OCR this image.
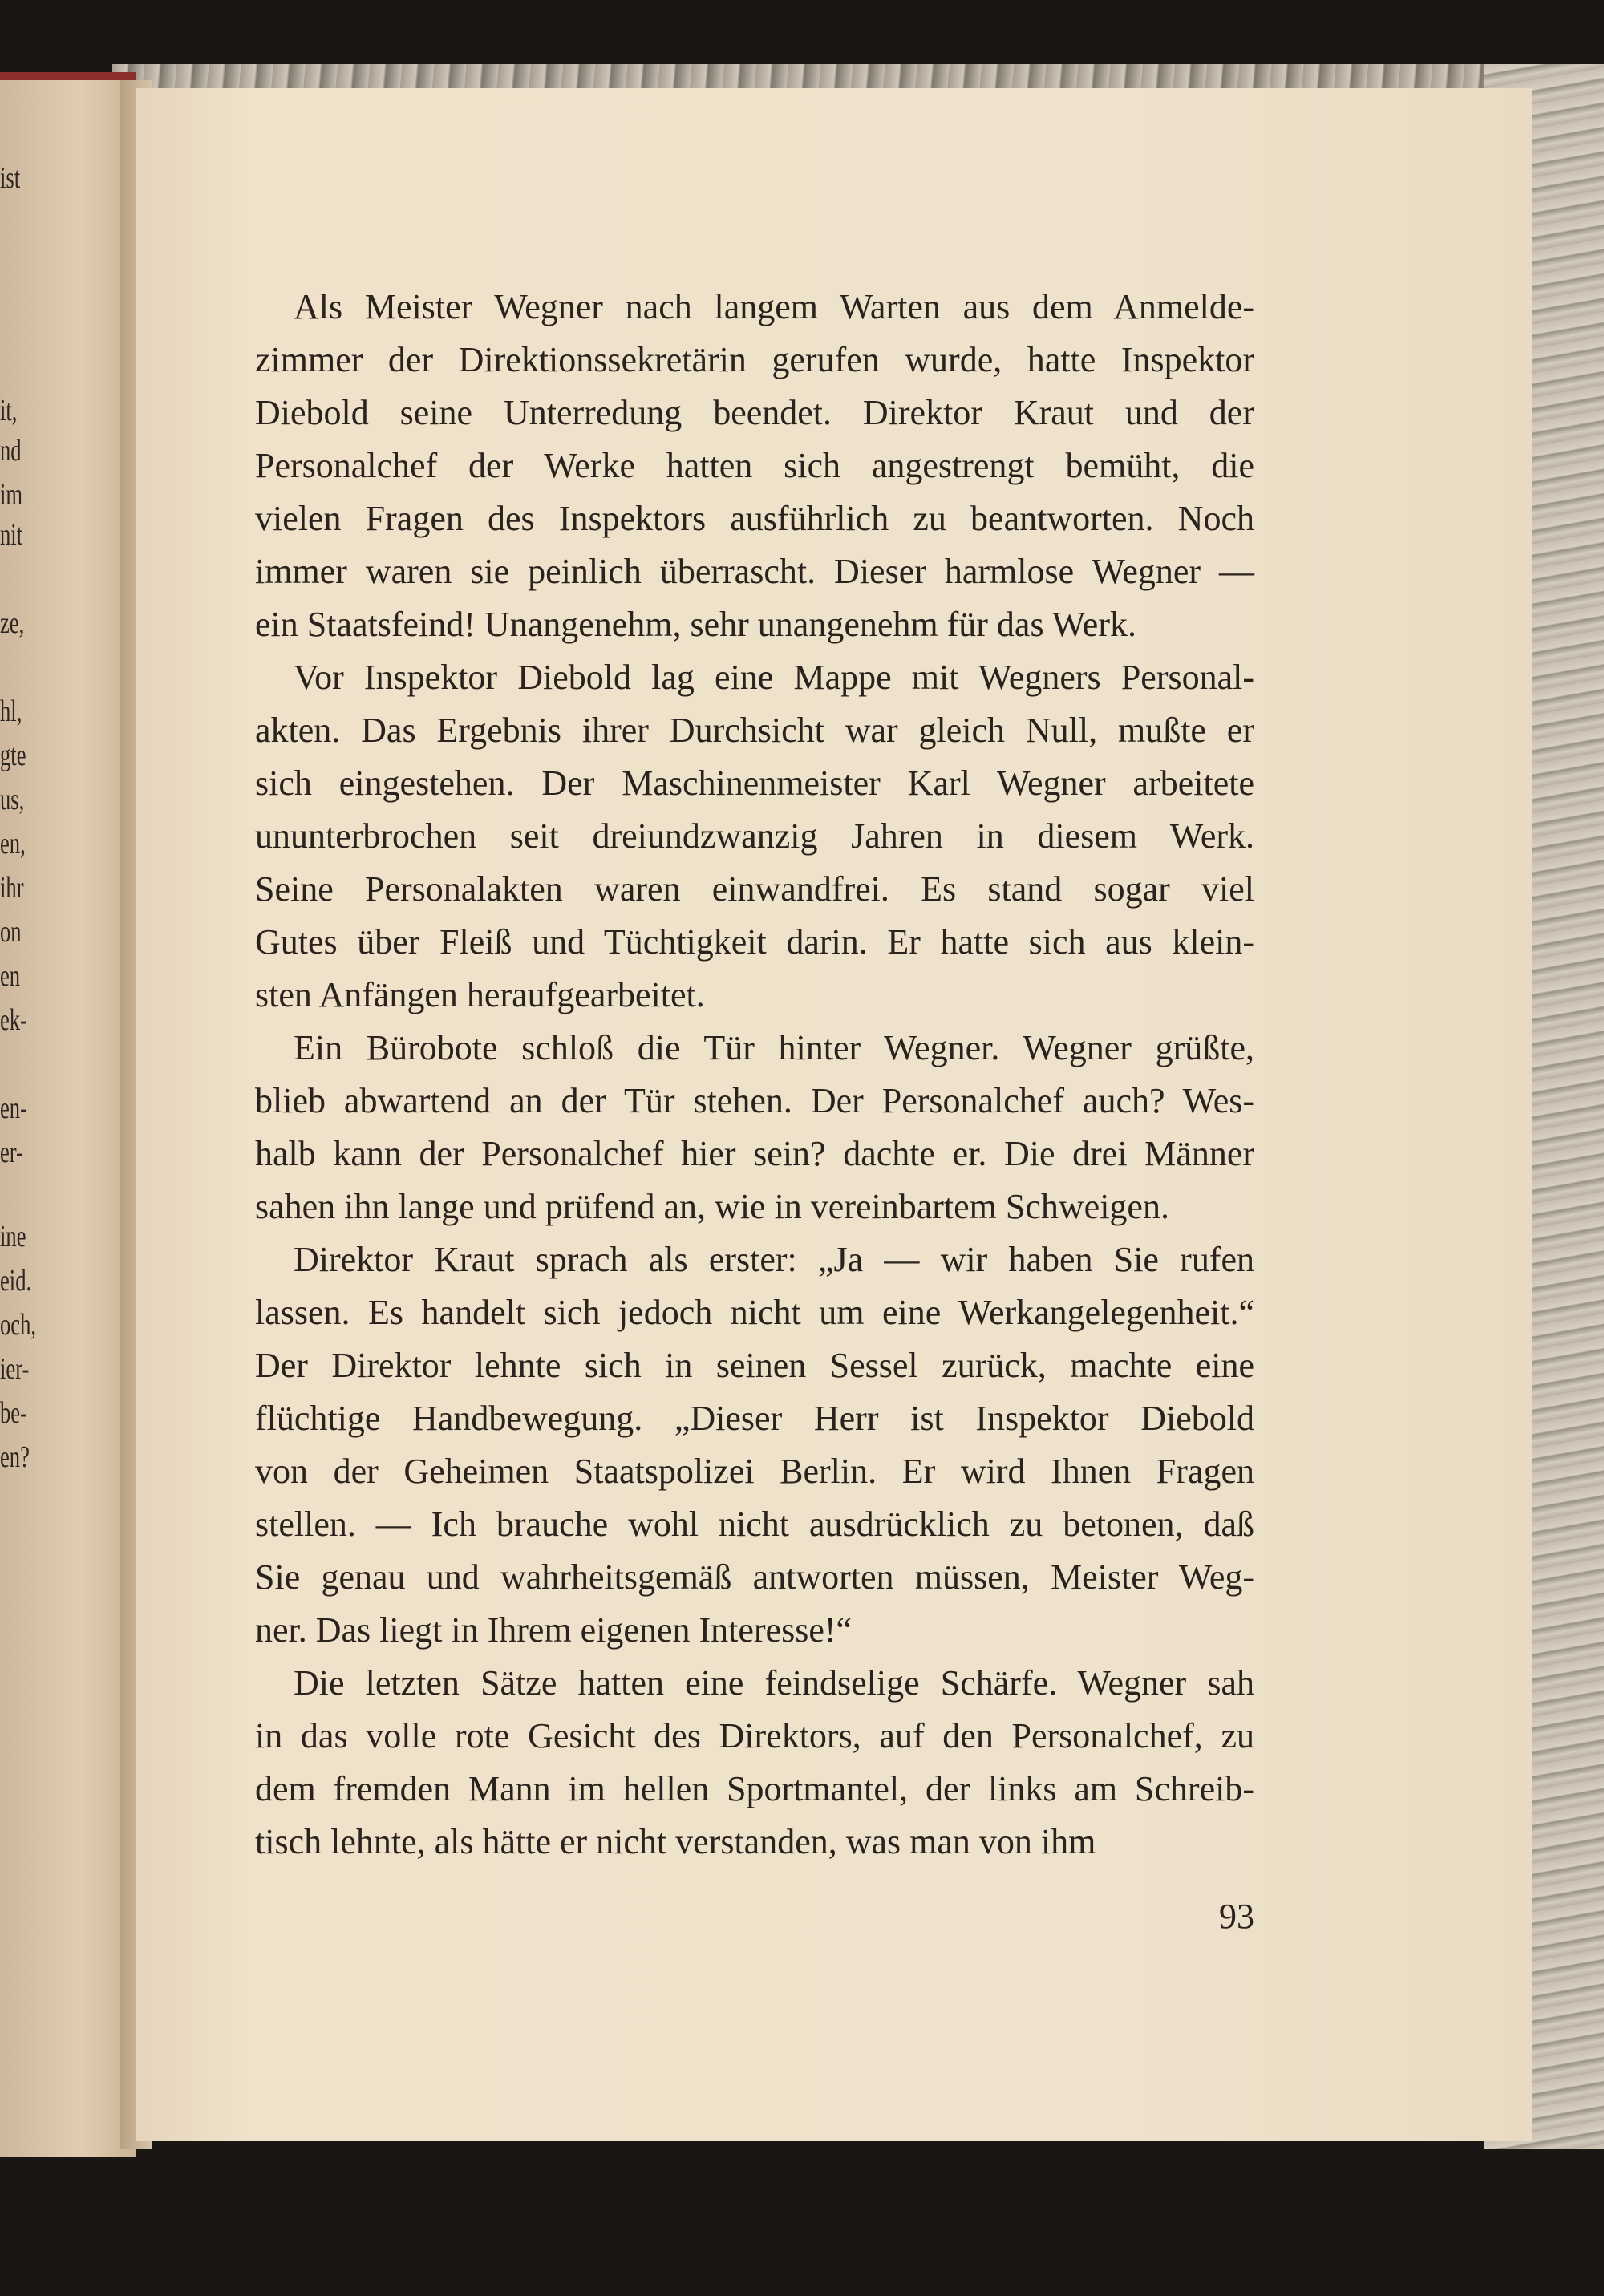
ist

it,

nd

im

nit

ze,

hl,

gte

us,

en,

ihr

on

en

ek-

en-

er-

ine

eid.

och,

ier-

be-

en?

Als Meister Wegner nach langem Warten aus dem Anmelde-
zimmer der Direktionssekretärin gerufen wurde, hatte Inspektor
Diebold seine Unterredung beendet. Direktor Kraut und der
Personalchef der Werke hatten sich angestrengt bemüht, die
vielen Fragen des Inspektors ausführlich zu beantworten. Noch
immer waren sie peinlich überrascht. Dieser harmlose Wegner —
ein Staatsfeind! Unangenehm, sehr unangenehm für das Werk.
Vor Inspektor Diebold lag eine Mappe mit Wegners Personal-
akten. Das Ergebnis ihrer Durchsicht war gleich Null, mußte er
sich eingestehen. Der Maschinenmeister Karl Wegner arbeitete
ununterbrochen seit dreiundzwanzig Jahren in diesem Werk.
Seine Personalakten waren einwandfrei. Es stand sogar viel
Gutes über Fleiß und Tüchtigkeit darin. Er hatte sich aus klein-
sten Anfängen heraufgearbeitet.
Ein Bürobote schloß die Tür hinter Wegner. Wegner grüßte,
blieb abwartend an der Tür stehen. Der Personalchef auch? Wes-
halb kann der Personalchef hier sein? dachte er. Die drei Männer
sahen ihn lange und prüfend an, wie in vereinbartem Schweigen.
Direktor Kraut sprach als erster: „Ja — wir haben Sie rufen
lassen. Es handelt sich jedoch nicht um eine Werkangelegenheit.“
Der Direktor lehnte sich in seinen Sessel zurück, machte eine
flüchtige Handbewegung. „Dieser Herr ist Inspektor Diebold
von der Geheimen Staatspolizei Berlin. Er wird Ihnen Fragen
stellen. — Ich brauche wohl nicht ausdrücklich zu betonen, daß
Sie genau und wahrheitsgemäß antworten müssen, Meister Weg-
ner. Das liegt in Ihrem eigenen Interesse!“
Die letzten Sätze hatten eine feindselige Schärfe. Wegner sah
in das volle rote Gesicht des Direktors, auf den Personalchef, zu
dem fremden Mann im hellen Sportmantel, der links am Schreib-
tisch lehnte, als hätte er nicht verstanden, was man von ihm

93
